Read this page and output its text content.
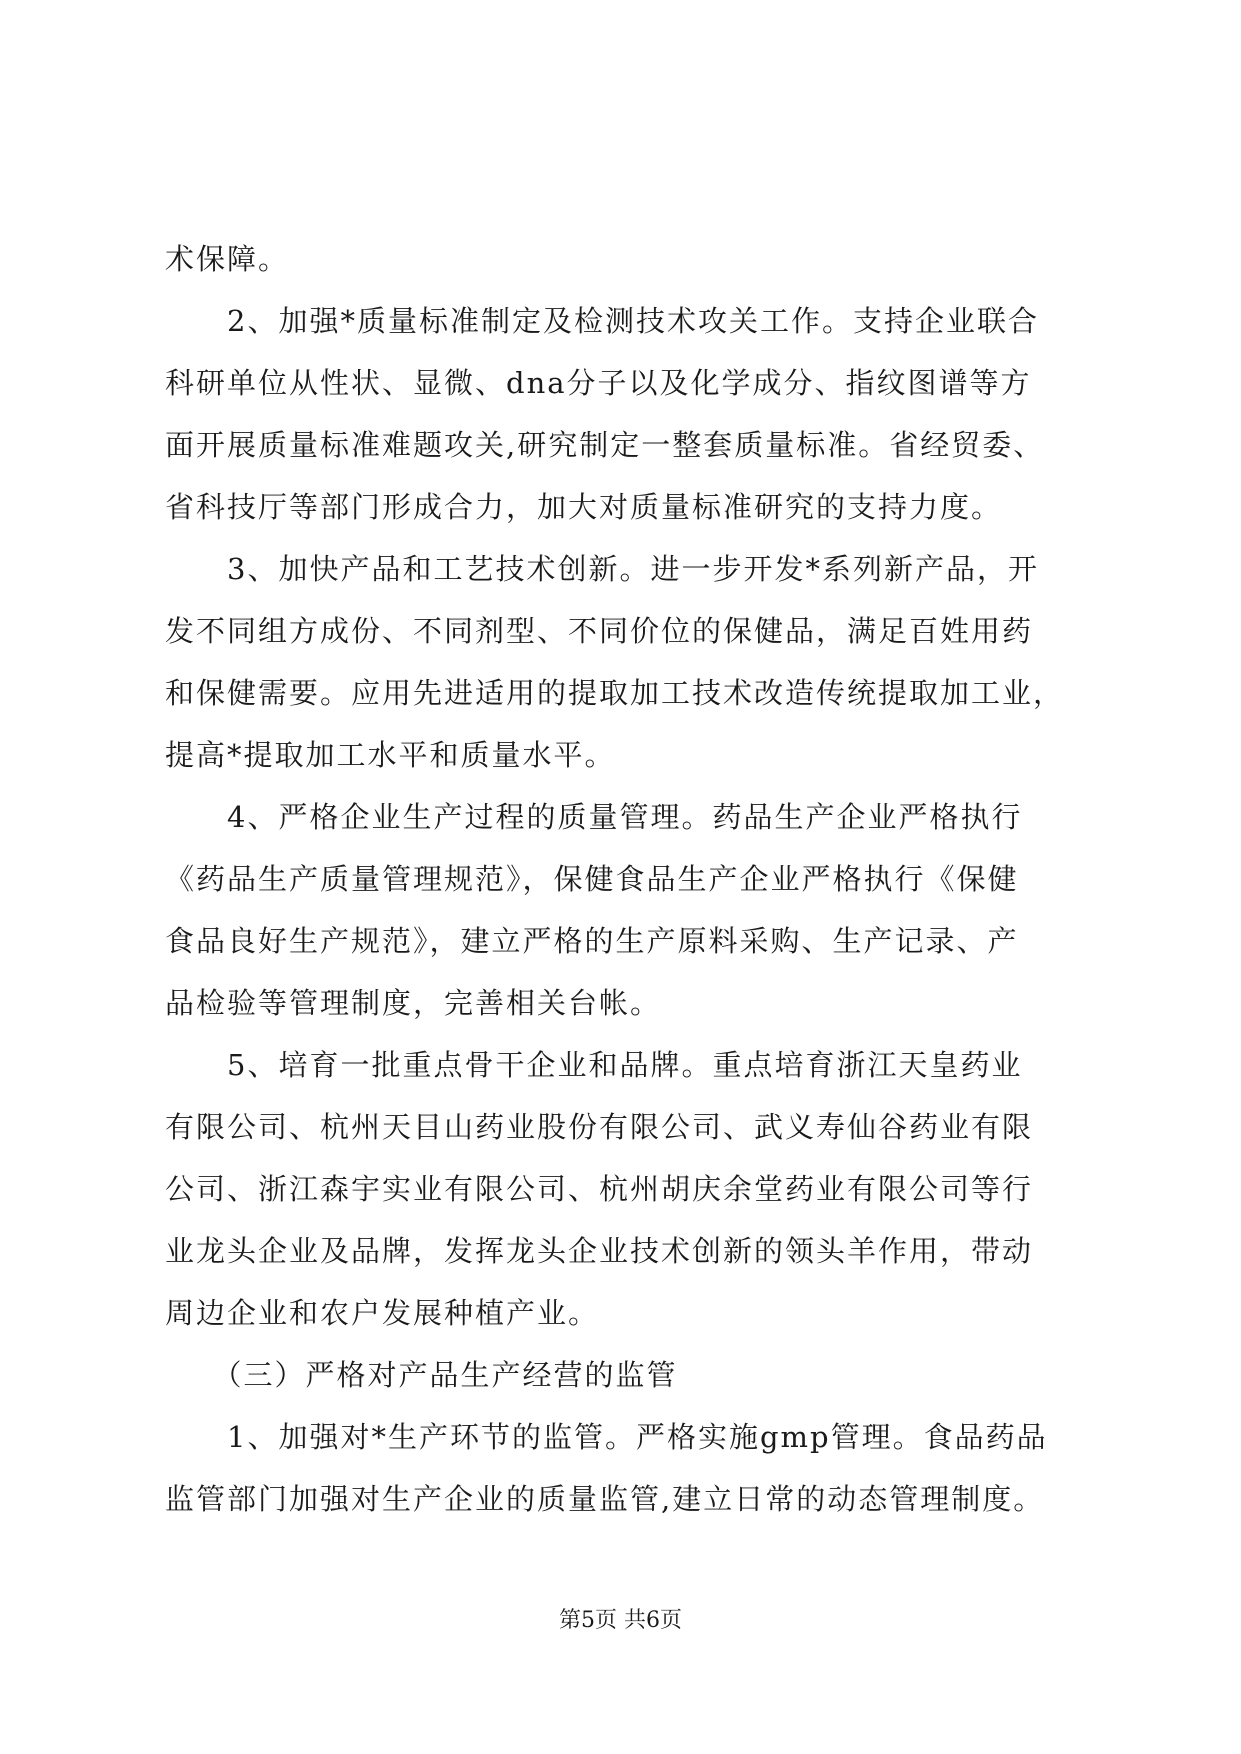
术保障。
　　2、加强*质量标准制定及检测技术攻关工作。支持企业联合
科研单位从性状、显微、dna分子以及化学成分、指纹图谱等方
面开展质量标准难题攻关,研究制定一整套质量标准。省经贸委、
省科技厅等部门形成合力，加大对质量标准研究的支持力度。
　　3、加快产品和工艺技术创新。进一步开发*系列新产品，开
发不同组方成份、不同剂型、不同价位的保健品，满足百姓用药
和保健需要。应用先进适用的提取加工技术改造传统提取加工业，
提高*提取加工水平和质量水平。
　　4、严格企业生产过程的质量管理。药品生产企业严格执行
《药品生产质量管理规范》，保健食品生产企业严格执行《保健
食品良好生产规范》，建立严格的生产原料采购、生产记录、产
品检验等管理制度，完善相关台帐。
　　5、培育一批重点骨干企业和品牌。重点培育浙江天皇药业
有限公司、杭州天目山药业股份有限公司、武义寿仙谷药业有限
公司、浙江森宇实业有限公司、杭州胡庆余堂药业有限公司等行
业龙头企业及品牌，发挥龙头企业技术创新的领头羊作用，带动
周边企业和农户发展种植产业。
　　（三）严格对产品生产经营的监管
　　1、加强对*生产环节的监管。严格实施gmp管理。食品药品
监管部门加强对生产企业的质量监管,建立日常的动态管理制度。
第5页 共6页
